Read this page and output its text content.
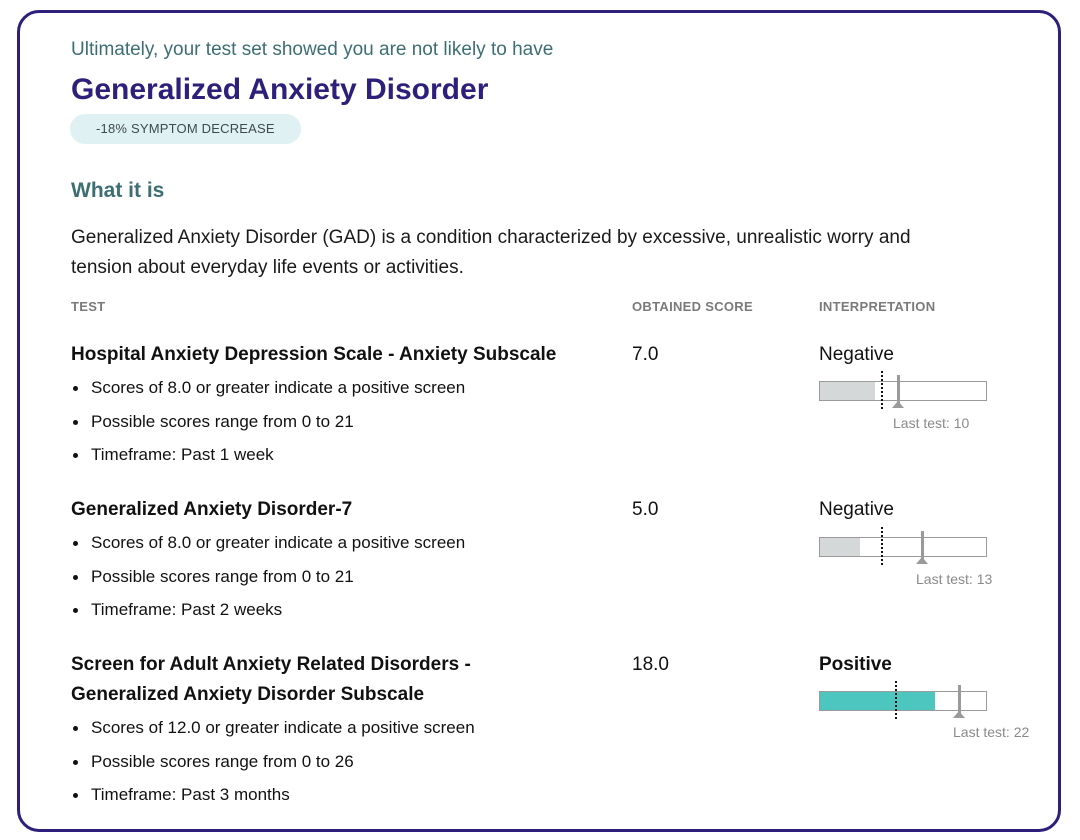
Ultimately, your test set showed you are not likely to have
Generalized Anxiety Disorder
-18% SYMPTOM DECREASE
What it is
Generalized Anxiety Disorder (GAD) is a condition characterized by excessive, unrealistic worry and tension about everyday life events or activities.
TEST	OBTAINED SCORE	INTERPRETATION
Hospital Anxiety Depression Scale - Anxiety Subscale	7.0	Negative
Scores of 8.0 or greater indicate a positive screen
Possible scores range from 0 to 21
Timeframe: Past 1 week
Last test: 10
Generalized Anxiety Disorder-7	5.0	Negative
Scores of 8.0 or greater indicate a positive screen
Possible scores range from 0 to 21
Timeframe: Past 2 weeks
Last test: 13
Screen for Adult Anxiety Related Disorders -
Generalized Anxiety Disorder Subscale
18.0	Positive
Scores of 12.0 or greater indicate a positive screen
Possible scores range from 0 to 26
Timeframe: Past 3 months
Last test: 22
